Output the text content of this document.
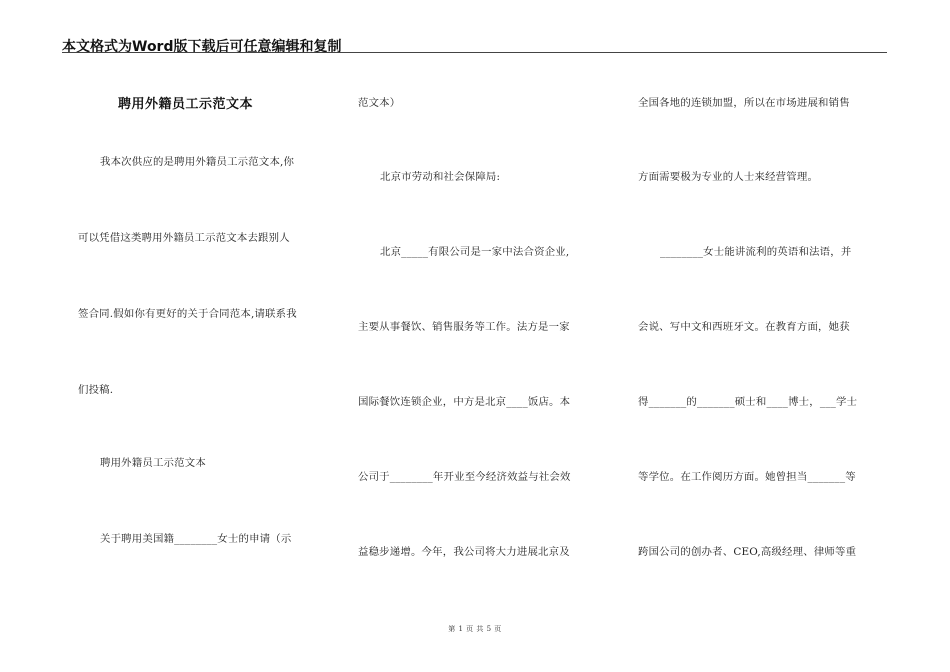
本文格式为Word版下载后可任意编辑和复制
聘用外籍员工示范文本
我本次供应的是聘用外籍员工示范文本,你
可以凭借这类聘用外籍员工示范文本去跟别人
签合同.假如你有更好的关于合同范本,请联系我
们投稿.
聘用外籍员工示范文本
关于聘用美国籍________女士的申请（示
范文本）
北京市劳动和社会保障局:
北京_____有限公司是一家中法合资企业,
主要从事餐饮、销售服务等工作。法方是一家
国际餐饮连锁企业，中方是北京____饭店。本
公司于________年开业至今经济效益与社会效
益稳步递增。今年，我公司将大力进展北京及
全国各地的连锁加盟，所以在市场进展和销售
方面需要极为专业的人士来经营管理。
________女士能讲流利的英语和法语，并
会说、写中文和西班牙文。在教育方面，她获
得_______的_______硕士和____博士，___学士
等学位。在工作阅历方面。她曾担当_______等
跨国公司的创办者、CEO,高级经理、律师等重
第 1 页 共 5 页
